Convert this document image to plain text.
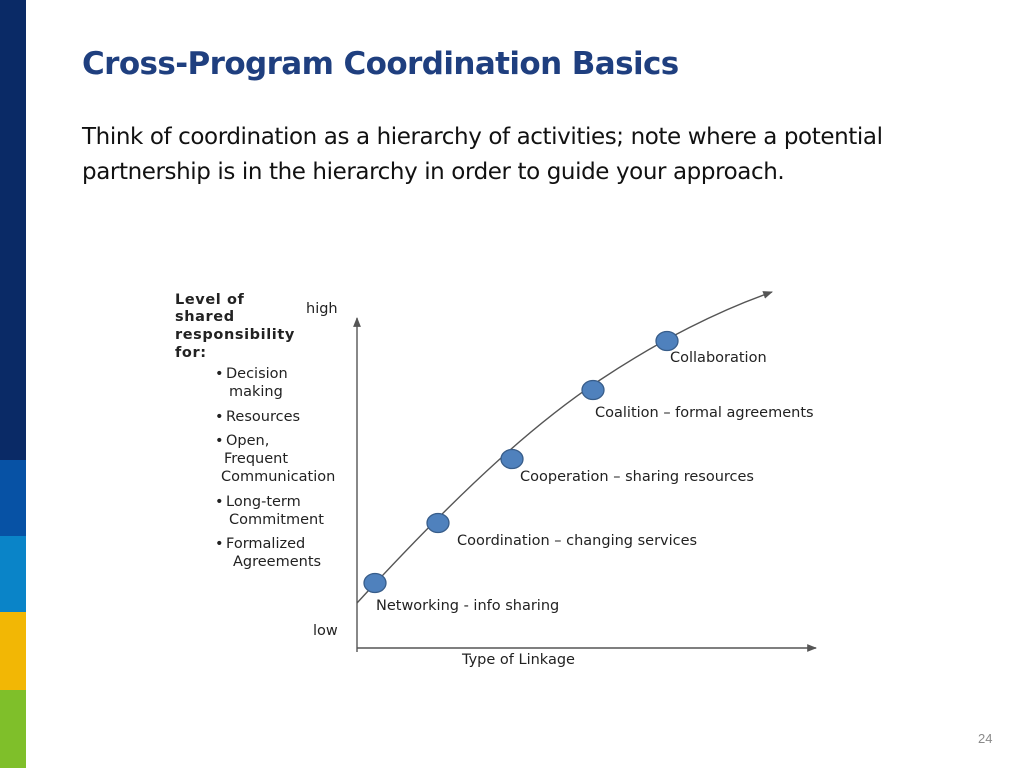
Cross-Program Coordination Basics
Think of coordination as a hierarchy of activities; note where a potential
partnership is in the hierarchy in order to guide your approach.
Level of
shared
responsibility
for:
• Decision
making
• Resources
• Open,
Frequent
Communication
• Long-term
Commitment
• Formalized
Agreements
high
low
Type of Linkage
Networking - info sharing
Coordination – changing services
Cooperation – sharing resources
Coalition – formal agreements
Collaboration
24
